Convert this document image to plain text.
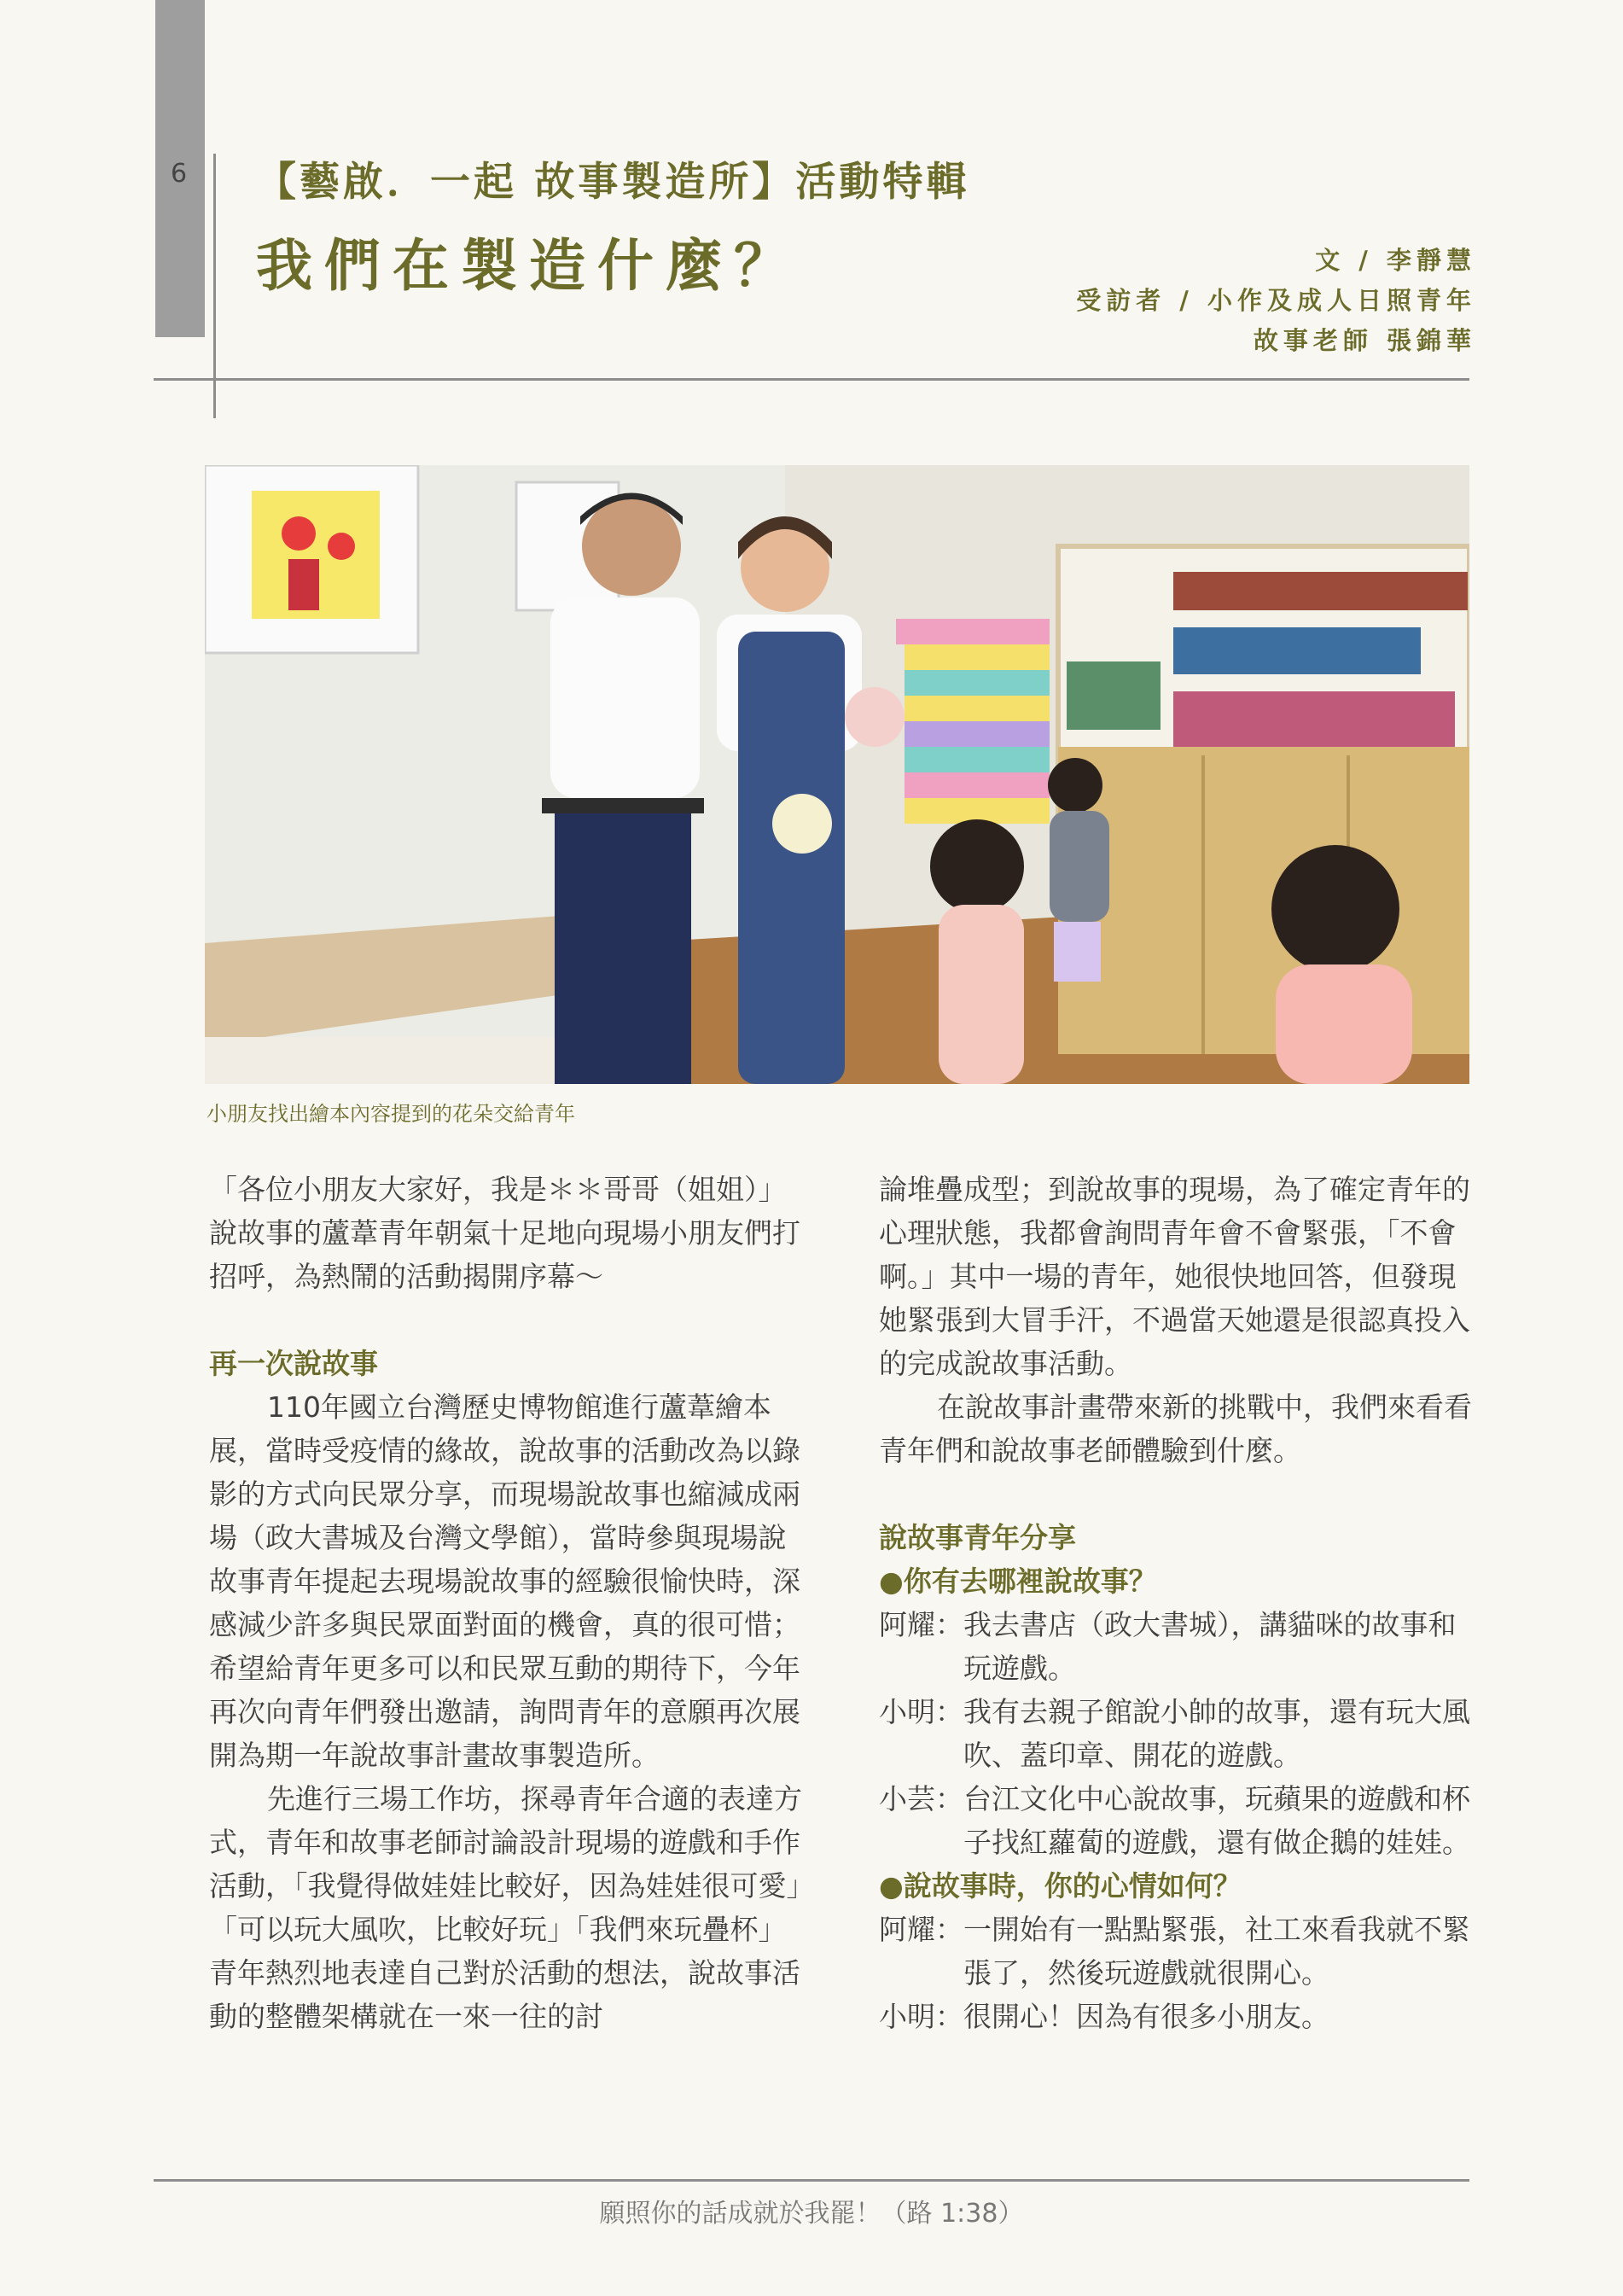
6 【藝啟．一起 故事製造所】活動特輯
我們在製造什麼？	文 / 李靜慧
受訪者 / 小作及成人日照青年
故事老師 張錦華
小朋友找出繪本內容提到的花朵交給青年

「各位小朋友大家好，我是＊＊哥哥（姐姐）」說故事的蘆葦青年朝氣十足地向現場小朋友們打招呼，為熱鬧的活動揭開序幕～

再一次說故事

110年國立台灣歷史博物館進行蘆葦繪本展，當時受疫情的緣故，說故事的活動改為以錄影的方式向民眾分享，而現場說故事也縮減成兩場（政大書城及台灣文學館），當時參與現場說故事青年提起去現場說故事的經驗很愉快時，深感減少許多與民眾面對面的機會，真的很可惜；希望給青年更多可以和民眾互動的期待下，今年再次向青年們發出邀請，詢問青年的意願再次展開為期一年說故事計畫故事製造所。

先進行三場工作坊，探尋青年合適的表達方式，青年和故事老師討論設計現場的遊戲和手作活動，「我覺得做娃娃比較好，因為娃娃很可愛」「可以玩大風吹，比較好玩」「我們來玩疊杯」青年熱烈地表達自己對於活動的想法，說故事活動的整體架構就在一來一往的討

論堆疊成型；到說故事的現場，為了確定青年的心理狀態，我都會詢問青年會不會緊張，「不會啊。」其中一場的青年，她很快地回答，但發現她緊張到大冒手汗，不過當天她還是很認真投入的完成說故事活動。

在說故事計畫帶來新的挑戰中，我們來看看青年們和說故事老師體驗到什麼。

說故事青年分享

●你有去哪裡說故事？

阿耀： 我去書店（政大書城），講貓咪的故事和玩遊戲。
小明： 我有去親子館說小帥的故事，還有玩大風吹、蓋印章、開花的遊戲。
小芸： 台江文化中心說故事，玩蘋果的遊戲和杯子找紅蘿蔔的遊戲，還有做企鵝的娃娃。

●說故事時，你的心情如何？

阿耀： 一開始有一點點緊張，社工來看我就不緊張了，然後玩遊戲就很開心。
小明： 很開心！因為有很多小朋友。
願照你的話成就於我罷！（路 1:38）
